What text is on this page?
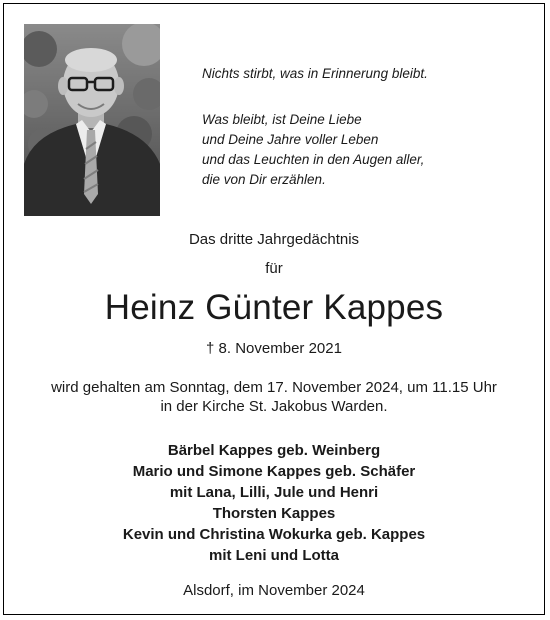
Nichts stirbt, was in Erinnerung bleibt.
Was bleibt, ist Deine Liebe
und Deine Jahre voller Leben
und das Leuchten in den Augen aller,
die von Dir erzählen.
Das dritte Jahrgedächtnis
für
Heinz Günter Kappes
† 8. November 2021
wird gehalten am Sonntag, dem 17. November 2024, um 11.15 Uhr
in der Kirche St. Jakobus Warden.
Bärbel Kappes geb. Weinberg
Mario und Simone Kappes geb. Schäfer
mit Lana, Lilli, Jule und Henri
Thorsten Kappes
Kevin und Christina Wokurka geb. Kappes
mit Leni und Lotta
Alsdorf, im November 2024
